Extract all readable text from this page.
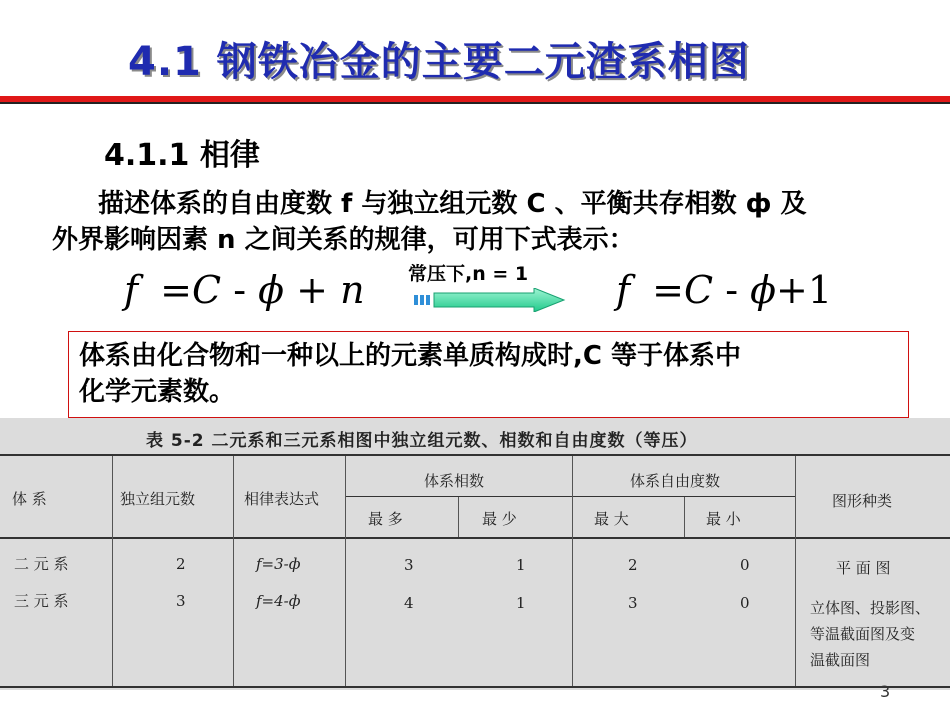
4.1 钢铁冶金的主要二元渣系相图
4.1.1 相律
描述体系的自由度数 f 与独立组元数 C 、平衡共存相数 ф 及
外界影响因素 n 之间关系的规律，可用下式表示：
f =C - ϕ + n 常压下,n = 1 f =C - ϕ+1
体系由化合物和一种以上的元素单质构成时,C 等于体系中
化学元素数。
表 5-2 二元系和三元系相图中独立组元数、相数和自由度数（等压）
体 系	独立组元数	相律表达式
体系相数	体系自由度数
图形种类
最 多	最 少	最 大	最 小
二 元 系	2	f=3-ф	3	1	2	0	平 面 图
三 元 系	3	f=4-ф	4	1	3	0	立体图、投影图、
等温截面图及变
温截面图
3
